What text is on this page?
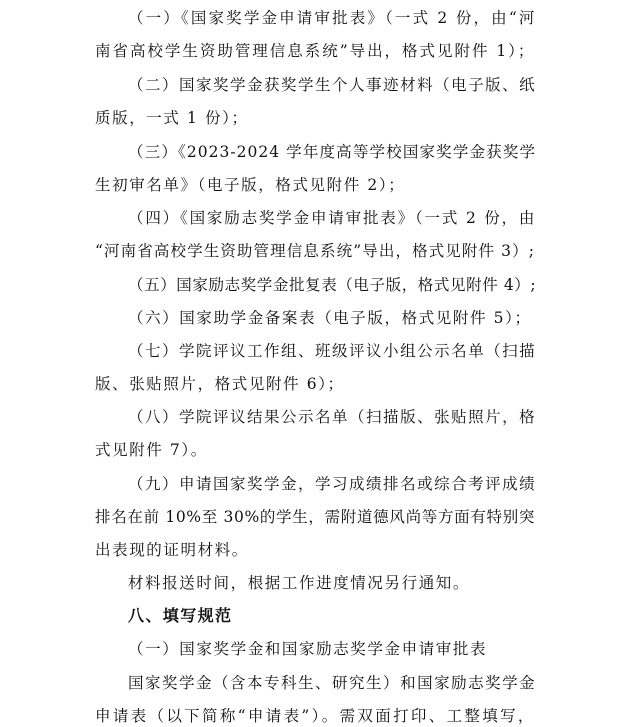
（一）《国家奖学金申请审批表》（一式 2 份，由“河

南省高校学生资助管理信息系统”导出，格式见附件 1）；

（二）国家奖学金获奖学生个人事迹材料（电子版、纸

质版，一式 1 份）；

（三）《2023-2024 学年度高等学校国家奖学金获奖学

生初审名单》（电子版，格式见附件 2）；

（四）《国家励志奖学金申请审批表》（一式 2 份，由

“河南省高校学生资助管理信息系统”导出，格式见附件 3）;

（五）国家励志奖学金批复表（电子版，格式见附件 4）;

（六）国家助学金备案表（电子版，格式见附件 5）；

（七）学院评议工作组、班级评议小组公示名单（扫描

版、张贴照片，格式见附件 6）；

（八）学院评议结果公示名单（扫描版、张贴照片，格

式见附件 7）。

（九）申请国家奖学金，学习成绩排名或综合考评成绩

排名在前 10%至 30%的学生，需附道德风尚等方面有特别突

出表现的证明材料。

材料报送时间，根据工作进度情况另行通知。

八、填写规范

（一）国家奖学金和国家励志奖学金申请审批表

国家奖学金（含本专科生、研究生）和国家励志奖学金

申请表（以下简称“申请表”）。需双面打印、工整填写，
